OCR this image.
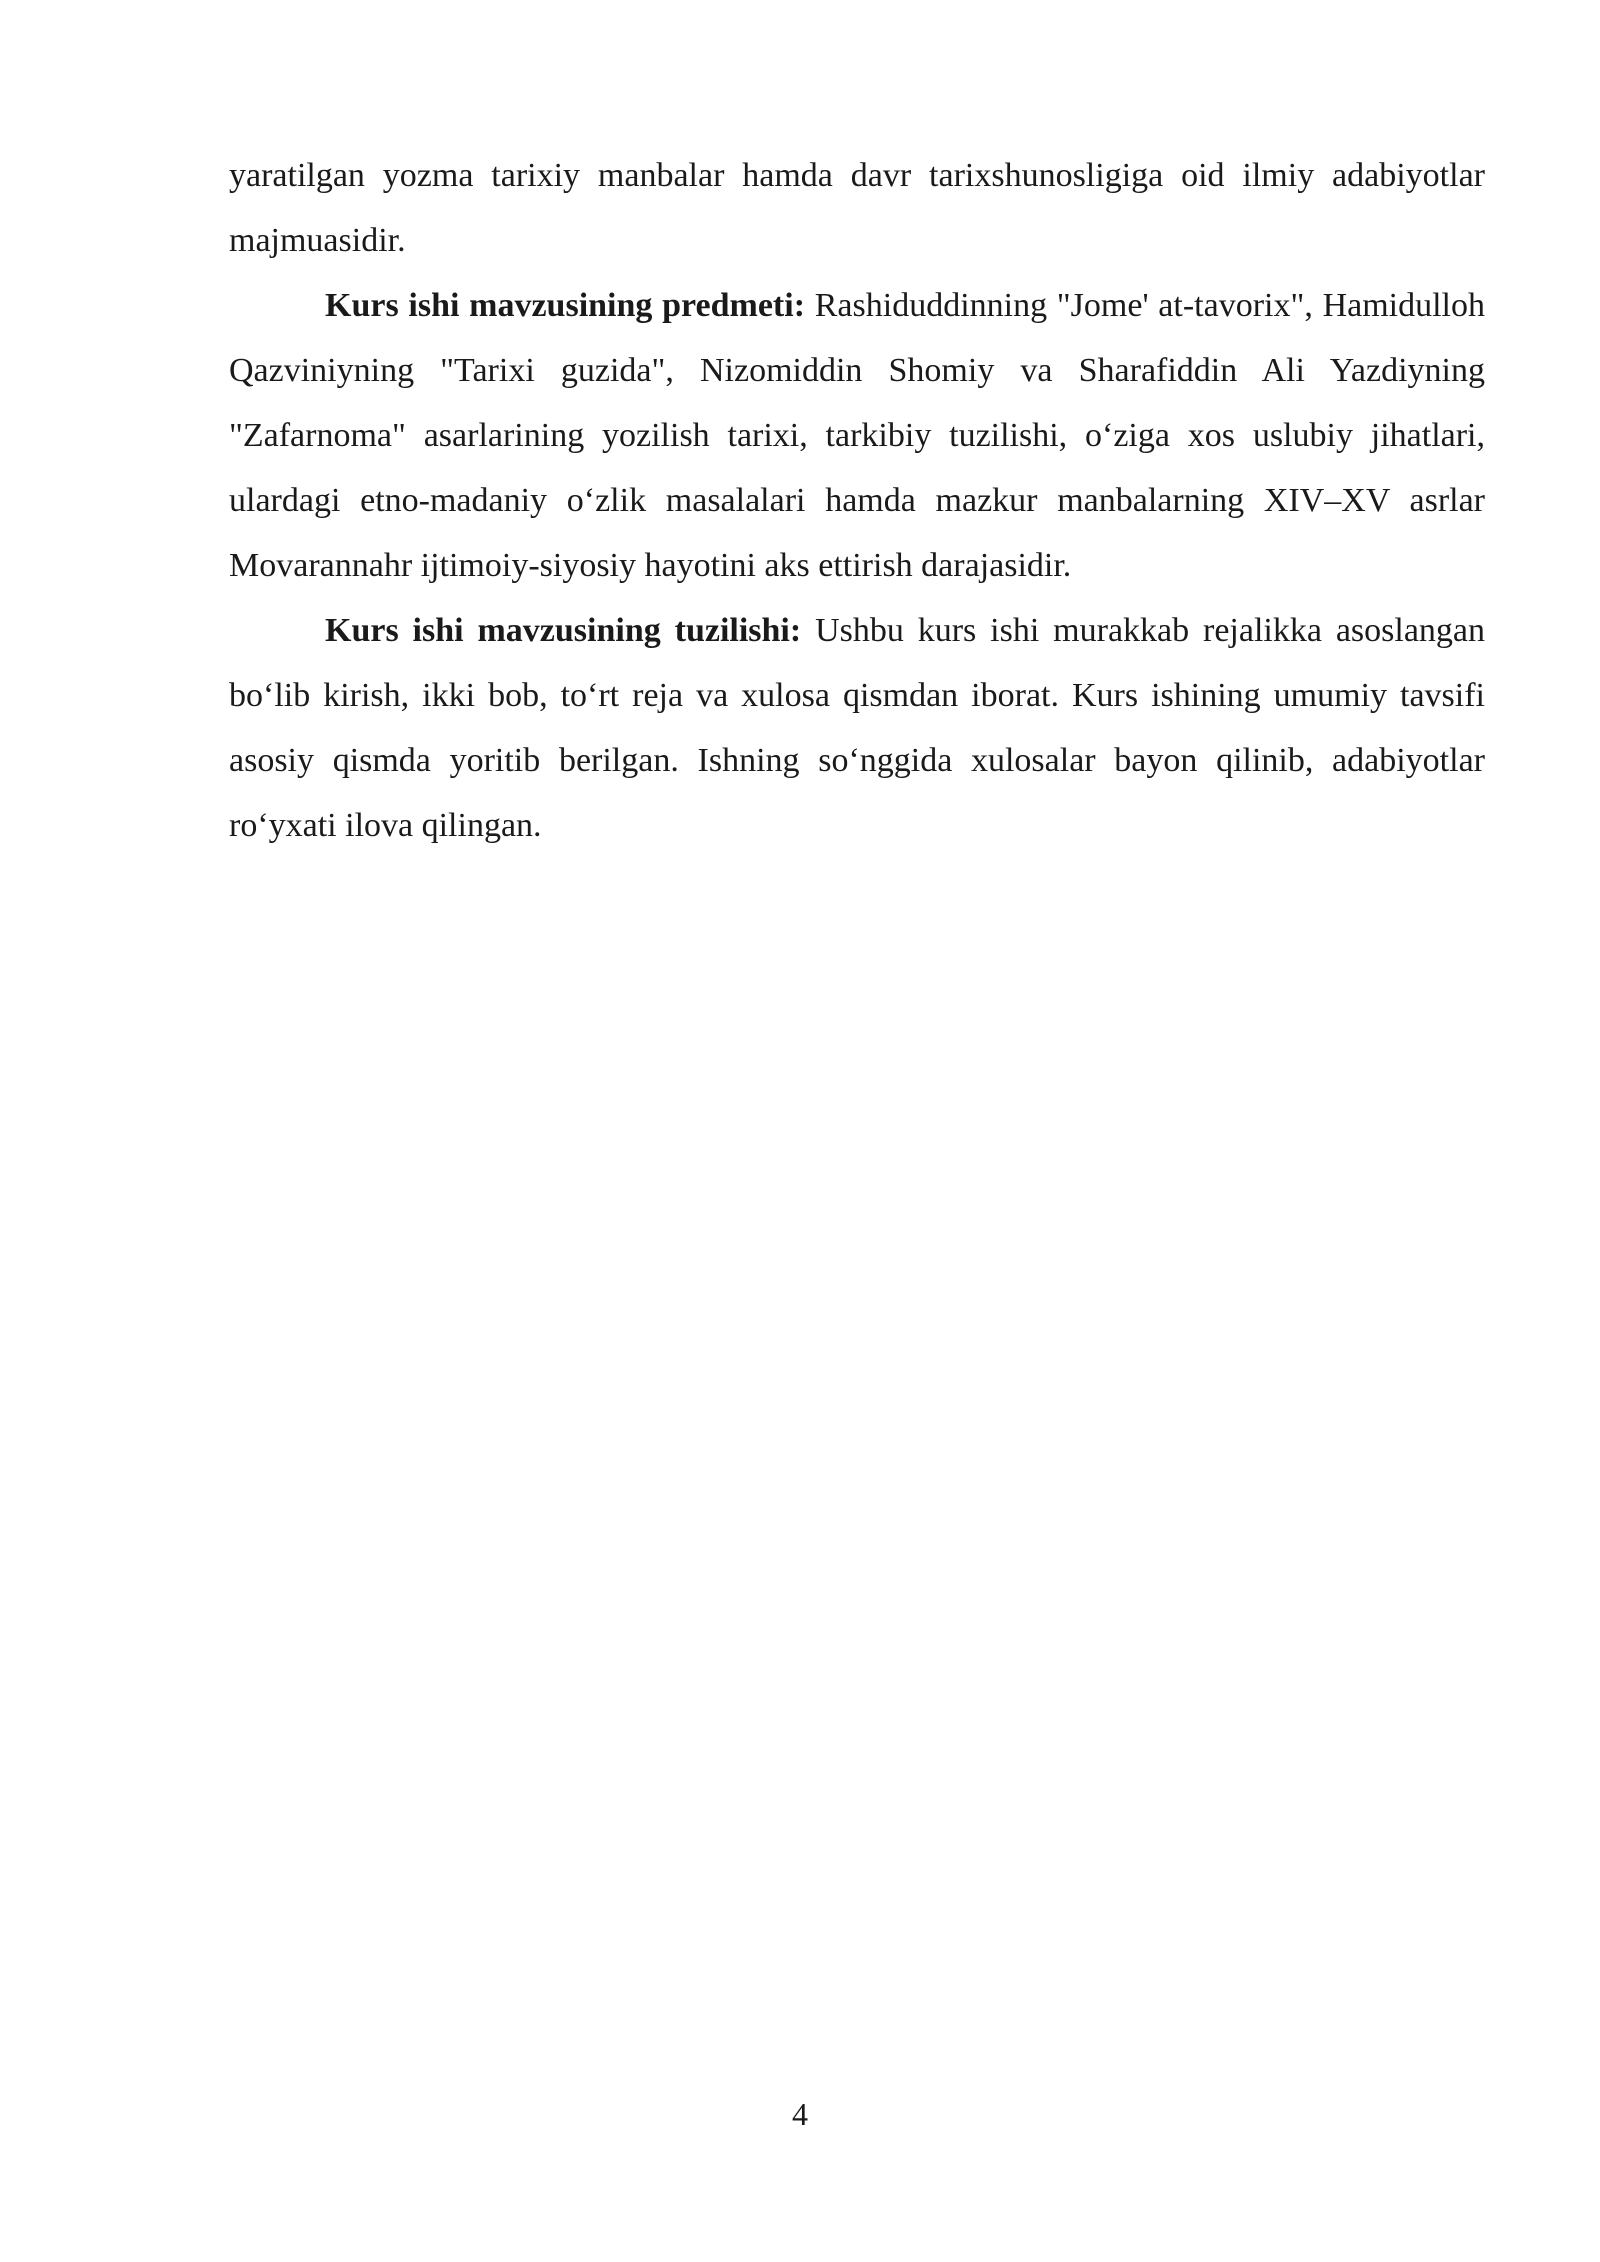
yaratilgan yozma tarixiy manbalar hamda davr tarixshunosligiga oid ilmiy adabiyotlar majmuasidir.

Kurs ishi mavzusining predmeti: Rashiduddinning "Jome' at-tavorix", Hamidulloh Qazviniyning "Tarixi guzida", Nizomiddin Shomiy va Sharafiddin Ali Yazdiyning "Zafarnoma" asarlarining yozilish tarixi, tarkibiy tuzilishi, o‘ziga xos uslubiy jihatlari, ulardagi etno-madaniy o‘zlik masalalari hamda mazkur manbalarning XIV–XV asrlar Movarannahr ijtimoiy-siyosiy hayotini aks ettirish darajasidir.

Kurs ishi mavzusining tuzilishi: Ushbu kurs ishi murakkab rejalikka asoslangan bo‘lib kirish, ikki bob, to‘rt reja va xulosa qismdan iborat. Kurs ishining umumiy tavsifi asosiy qismda yoritib berilgan. Ishning so‘nggida xulosalar bayon qilinib, adabiyotlar ro‘yxati ilova qilingan.

4
